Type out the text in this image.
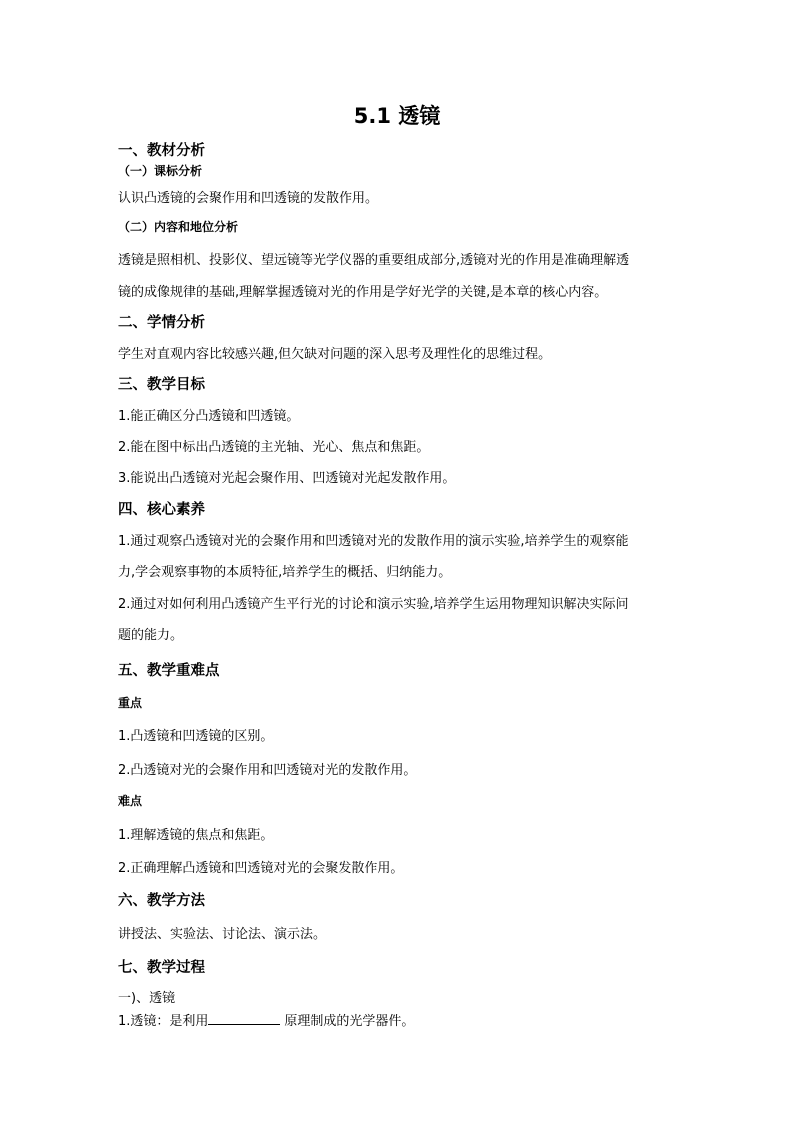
5.1 透镜
一、教材分析
（一）课标分析
认识凸透镜的会聚作用和凹透镜的发散作用。
（二）内容和地位分析
透镜是照相机、投影仪、望远镜等光学仪器的重要组成部分,透镜对光的作用是准确理解透
镜的成像规律的基础,理解掌握透镜对光的作用是学好光学的关键,是本章的核心内容。
二、学情分析
学生对直观内容比较感兴趣,但欠缺对问题的深入思考及理性化的思维过程。
三、教学目标
1.能正确区分凸透镜和凹透镜。
2.能在图中标出凸透镜的主光轴、光心、焦点和焦距。
3.能说出凸透镜对光起会聚作用、凹透镜对光起发散作用。
四、核心素养
1.通过观察凸透镜对光的会聚作用和凹透镜对光的发散作用的演示实验,培养学生的观察能
力,学会观察事物的本质特征,培养学生的概括、归纳能力。
2.通过对如何利用凸透镜产生平行光的讨论和演示实验,培养学生运用物理知识解决实际问
题的能力。
五、教学重难点
重点
1.凸透镜和凹透镜的区别。
2.凸透镜对光的会聚作用和凹透镜对光的发散作用。
难点
1.理解透镜的焦点和焦距。
2.正确理解凸透镜和凹透镜对光的会聚发散作用。
六、教学方法
讲授法、实验法、讨论法、演示法。
七、教学过程
一)、透镜
1.透镜：是利用	原理制成的光学器件。
